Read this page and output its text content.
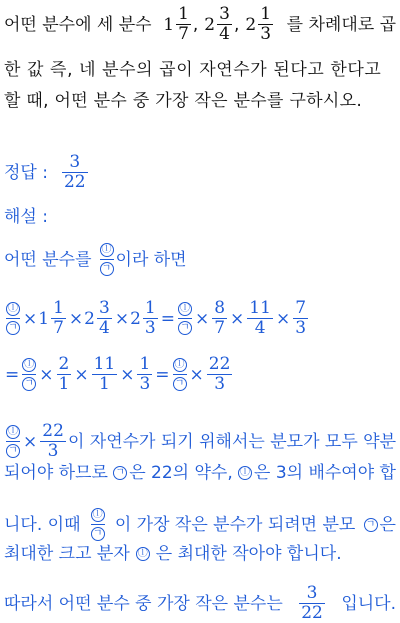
어떤 분수에 세 분수 $1 \frac{1}{7}$ , $2 \frac{3}{4}$ , $2 \frac{1}{3}$ 를 차례대로 곱
한 값 즉, 네 분수의 곱이 자연수가 된다고 한다고
할 때, 어떤 분수 중 가장 작은 분수를 구하시오.
정답 : $\frac{3}{22}$
해설 :
어떤 분수를 $\frac{ⓛ}{\text{ㄱ}}$ 이라 하면
$\frac{ⓛ}{\text{ㄱ}} \times 1 \frac{1}{7} \times 2 \frac{3}{4} \times 2 \frac{1}{3} = \frac{ⓛ}{\text{ㄱ}} \times \frac{8}{7} \times \frac{11}{4} \times \frac{7}{3}$
= $\frac{ⓛ}{\text{ㄱ}} \times \frac{2}{1} \times \frac{11}{1} \times \frac{1}{3} = \frac{ⓛ}{\text{ㄱ}} \times \frac{22}{3}$
$\frac{ⓛ}{\text{ㄱ}} \times \frac{22}{3}$ 이 자연수가 되기 위해서는 분모가 모두 약분
되어야 하므로 ㄱ 은 22의 약수, ⓛ 은 3의 배수여야 합
니다. 이때 $\frac{ⓛ}{\text{ㄱ}}$ 이 가장 작은 분수가 되려면 분모 ㄱ 은
최대한 크고 분자 ⓛ 은 최대한 작아야 합니다.
따라서 어떤 분수 중 가장 작은 분수는 $\frac{3}{22}$ 입니다.
